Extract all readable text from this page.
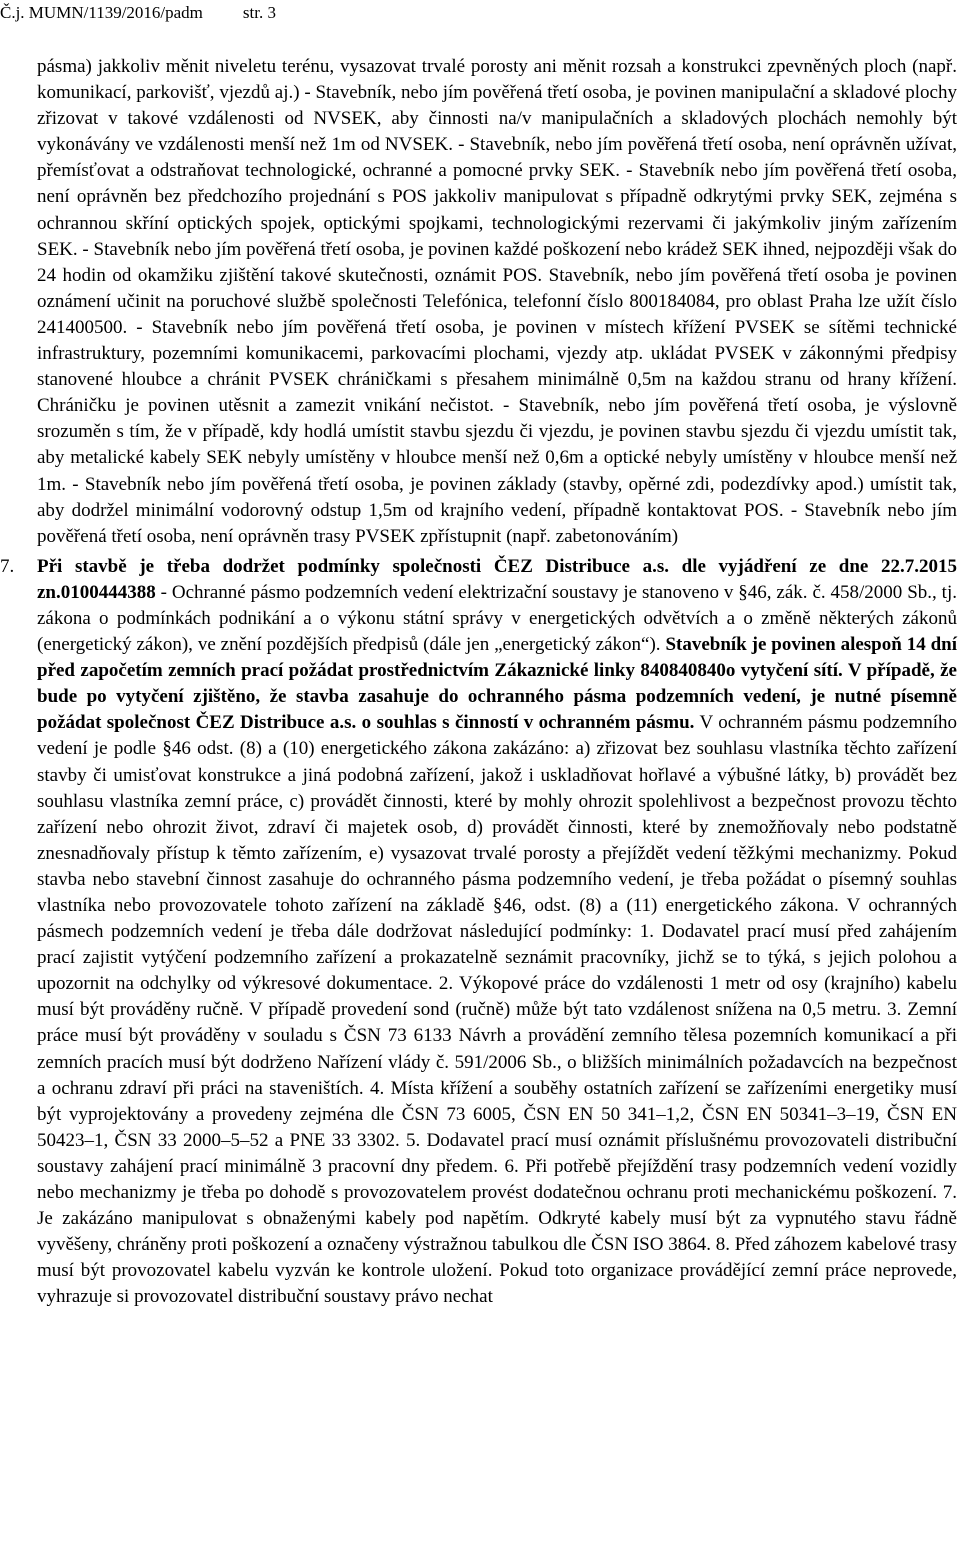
Č.j. MUMN/1139/2016/padm str. 3

pásma) jakkoliv měnit niveletu terénu, vysazovat trvalé porosty ani měnit rozsah a konstrukci zpevněných ploch (např. komunikací, parkovišť, vjezdů aj.) - Stavebník, nebo jím pověřená třetí osoba, je povinen manipulační a skladové plochy zřizovat v takové vzdálenosti od NVSEK, aby činnosti na/v manipulačních a skladových plochách nemohly být vykonávány ve vzdálenosti menší než 1m od NVSEK. - Stavebník, nebo jím pověřená třetí osoba, není oprávněn užívat, přemísťovat a odstraňovat technologické, ochranné a pomocné prvky SEK. - Stavebník nebo jím pověřená třetí osoba, není oprávněn bez předchozího projednání s POS jakkoliv manipulovat s případně odkrytými prvky SEK, zejména s ochrannou skříní optických spojek, optickými spojkami, technologickými rezervami či jakýmkoliv jiným zařízením SEK. - Stavebník nebo jím pověřená třetí osoba, je povinen každé poškození nebo krádež SEK ihned, nejpozději však do 24 hodin od okamžiku zjištění takové skutečnosti, oznámit POS. Stavebník, nebo jím pověřená třetí osoba je povinen oznámení učinit na poruchové službě společnosti Telefónica, telefonní číslo 800184084, pro oblast Praha lze užít číslo 241400500. - Stavebník nebo jím pověřená třetí osoba, je povinen v místech křížení PVSEK se sítěmi technické infrastruktury, pozemními komunikacemi, parkovacími plochami, vjezdy atp. ukládat PVSEK v zákonnými předpisy stanovené hloubce a chránit PVSEK chráničkami s přesahem minimálně 0,5m na každou stranu od hrany křížení. Chráničku je povinen utěsnit a zamezit vnikání nečistot. - Stavebník, nebo jím pověřená třetí osoba, je výslovně srozuměn s tím, že v případě, kdy hodlá umístit stavbu sjezdu či vjezdu, je povinen stavbu sjezdu či vjezdu umístit tak, aby metalické kabely SEK nebyly umístěny v hloubce menší než 0,6m a optické nebyly umístěny v hloubce menší než 1m. - Stavebník nebo jím pověřená třetí osoba, je povinen základy (stavby, opěrné zdi, podezdívky apod.) umístit tak, aby dodržel minimální vodorovný odstup 1,5m od krajního vedení, případně kontaktovat POS. - Stavebník nebo jím pověřená třetí osoba, není oprávněn trasy PVSEK zpřístupnit (např. zabetonováním)

7. Při stavbě je třeba dodržet podmínky společnosti ČEZ Distribuce a.s. dle vyjádření ze dne 22.7.2015 zn.0100444388 - Ochranné pásmo podzemních vedení elektrizační soustavy je stanoveno v §46, zák. č. 458/2000 Sb., tj. zákona o podmínkách podnikání a o výkonu státní správy v energetických odvětvích a o změně některých zákonů (energetický zákon), ve znění pozdějších předpisů (dále jen „energetický zákon“). Stavebník je povinen alespoň 14 dní před započetím zemních prací požádat prostřednictvím Zákaznické linky 840840840o vytyčení sítí. V případě, že bude po vytyčení zjištěno, že stavba zasahuje do ochranného pásma podzemních vedení, je nutné písemně požádat společnost ČEZ Distribuce a.s. o souhlas s činností v ochranném pásmu. V ochranném pásmu podzemního vedení je podle §46 odst. (8) a (10) energetického zákona zakázáno: a) zřizovat bez souhlasu vlastníka těchto zařízení stavby či umisťovat konstrukce a jiná podobná zařízení, jakož i uskladňovat hořlavé a výbušné látky, b) provádět bez souhlasu vlastníka zemní práce, c) provádět činnosti, které by mohly ohrozit spolehlivost a bezpečnost provozu těchto zařízení nebo ohrozit život, zdraví či majetek osob, d) provádět činnosti, které by znemožňovaly nebo podstatně znesnadňovaly přístup k těmto zařízením, e) vysazovat trvalé porosty a přejíždět vedení těžkými mechanizmy. Pokud stavba nebo stavební činnost zasahuje do ochranného pásma podzemního vedení, je třeba požádat o písemný souhlas vlastníka nebo provozovatele tohoto zařízení na základě §46, odst. (8) a (11) energetického zákona. V ochranných pásmech podzemních vedení je třeba dále dodržovat následující podmínky: 1. Dodavatel prací musí před zahájením prací zajistit vytýčení podzemního zařízení a prokazatelně seznámit pracovníky, jichž se to týká, s jejich polohou a upozornit na odchylky od výkresové dokumentace. 2. Výkopové práce do vzdálenosti 1 metr od osy (krajního) kabelu musí být prováděny ručně. V případě provedení sond (ručně) může být tato vzdálenost snížena na 0,5 metru. 3. Zemní práce musí být prováděny v souladu s ČSN 73 6133 Návrh a provádění zemního tělesa pozemních komunikací a při zemních pracích musí být dodrženo Nařízení vlády č. 591/2006 Sb., o bližších minimálních požadavcích na bezpečnost a ochranu zdraví při práci na staveništích. 4. Místa křížení a souběhy ostatních zařízení se zařízeními energetiky musí být vyprojektovány a provedeny zejména dle ČSN 73 6005, ČSN EN 50 341–1,2, ČSN EN 50341–3–19, ČSN EN 50423–1, ČSN 33 2000–5–52 a PNE 33 3302. 5. Dodavatel prací musí oznámit příslušnému provozovateli distribuční soustavy zahájení prací minimálně 3 pracovní dny předem. 6. Při potřebě přejíždění trasy podzemních vedení vozidly nebo mechanizmy je třeba po dohodě s provozovatelem provést dodatečnou ochranu proti mechanickému poškození. 7. Je zakázáno manipulovat s obnaženými kabely pod napětím. Odkryté kabely musí být za vypnutého stavu řádně vyvěšeny, chráněny proti poškození a označeny výstražnou tabulkou dle ČSN ISO 3864. 8. Před záhozem kabelové trasy musí být provozovatel kabelu vyzván ke kontrole uložení. Pokud toto organizace provádějící zemní práce neprovede, vyhrazuje si provozovatel distribuční soustavy právo nechat
